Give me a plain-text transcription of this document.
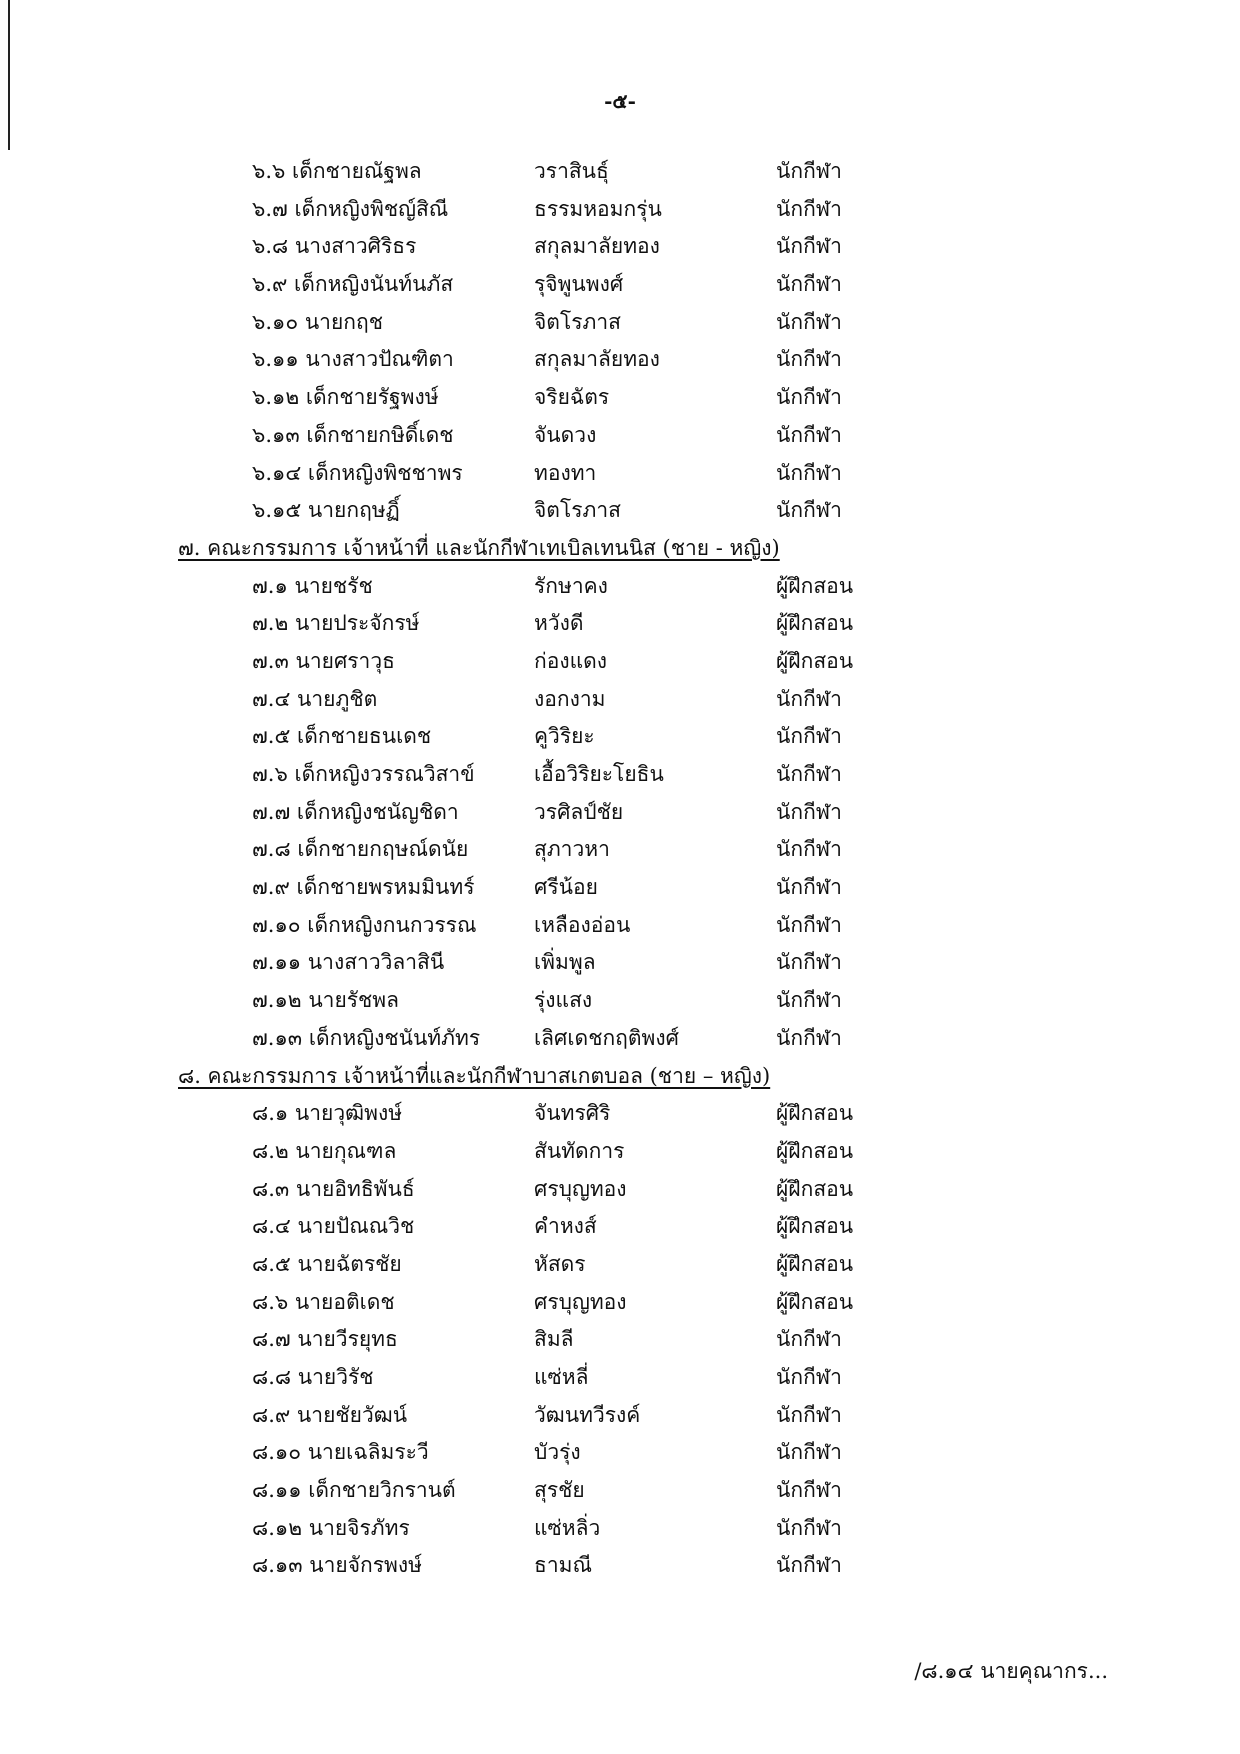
-๕-
๖.๖ เด็กชายณัฐพล	วราสินธุ์	นักกีฬา
๖.๗ เด็กหญิงพิชญ์สิณี	ธรรมหอมกรุ่น	นักกีฬา
๖.๘ นางสาวศิริธร	สกุลมาลัยทอง	นักกีฬา
๖.๙ เด็กหญิงนันท์นภัส	รุจิพูนพงศ์	นักกีฬา
๖.๑๐ นายกฤช	จิตโรภาส	นักกีฬา
๖.๑๑ นางสาวปัณฑิตา	สกุลมาลัยทอง	นักกีฬา
๖.๑๒ เด็กชายรัฐพงษ์	จริยฉัตร	นักกีฬา
๖.๑๓ เด็กชายกษิดิ์เดช	จันดวง	นักกีฬา
๖.๑๔ เด็กหญิงพิชชาพร	ทองทา	นักกีฬา
๖.๑๕ นายกฤษฏิ์	จิตโรภาส	นักกีฬา
๗. คณะกรรมการ เจ้าหน้าที่ และนักกีฬาเทเบิลเทนนิส (ชาย - หญิง)
๗.๑ นายชรัช	รักษาคง	ผู้ฝึกสอน
๗.๒ นายประจักรษ์	หวังดี	ผู้ฝึกสอน
๗.๓ นายศราวุธ	ก่องแดง	ผู้ฝึกสอน
๗.๔ นายภูชิต	งอกงาม	นักกีฬา
๗.๕ เด็กชายธนเดช	คูวิริยะ	นักกีฬา
๗.๖ เด็กหญิงวรรณวิสาข์	เอื้อวิริยะโยธิน	นักกีฬา
๗.๗ เด็กหญิงชนัญชิดา	วรศิลป์ชัย	นักกีฬา
๗.๘ เด็กชายกฤษณ์ดนัย	สุภาวหา	นักกีฬา
๗.๙ เด็กชายพรหมมินทร์	ศรีน้อย	นักกีฬา
๗.๑๐ เด็กหญิงกนกวรรณ	เหลืองอ่อน	นักกีฬา
๗.๑๑ นางสาววิลาสินี	เพิ่มพูล	นักกีฬา
๗.๑๒ นายรัชพล	รุ่งแสง	นักกีฬา
๗.๑๓ เด็กหญิงชนันท์ภัทร	เลิศเดชกฤติพงศ์	นักกีฬา
๘. คณะกรรมการ เจ้าหน้าที่และนักกีฬาบาสเกตบอล (ชาย – หญิง)
๘.๑ นายวุฒิพงษ์	จันทรศิริ	ผู้ฝึกสอน
๘.๒ นายกุณฑล	สันทัดการ	ผู้ฝึกสอน
๘.๓ นายอิทธิพันธ์	ศรบุญทอง	ผู้ฝึกสอน
๘.๔ นายปัณณวิช	คำหงส์	ผู้ฝึกสอน
๘.๕ นายฉัตรชัย	หัสดร	ผู้ฝึกสอน
๘.๖ นายอติเดช	ศรบุญทอง	ผู้ฝึกสอน
๘.๗ นายวีรยุทธ	สิมลี	นักกีฬา
๘.๘ นายวิรัช	แซ่หลี่	นักกีฬา
๘.๙ นายชัยวัฒน์	วัฒนทวีรงค์	นักกีฬา
๘.๑๐ นายเฉลิมระวี	บัวรุ่ง	นักกีฬา
๘.๑๑ เด็กชายวิกรานต์	สุรชัย	นักกีฬา
๘.๑๒ นายจิรภัทร	แซ่หลิ่ว	นักกีฬา
๘.๑๓ นายจักรพงษ์	ธามณี	นักกีฬา
/๘.๑๔ นายคุณากร...
